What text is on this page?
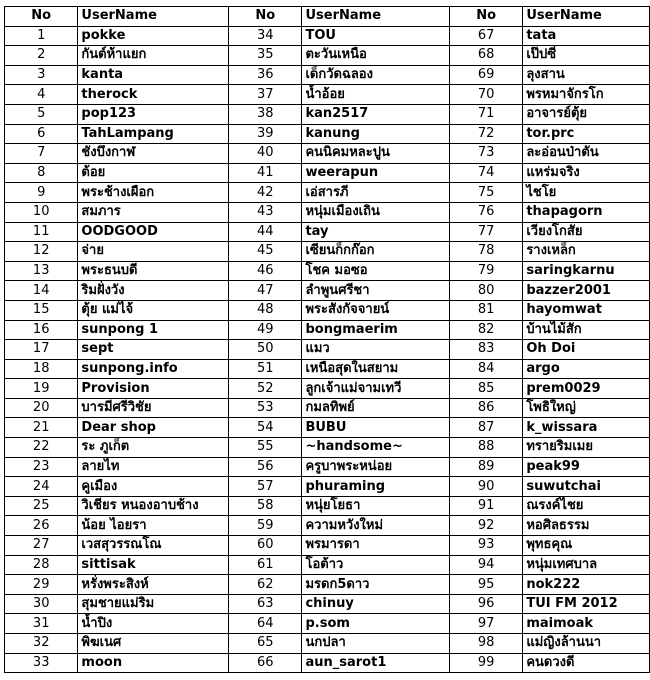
No	UserName	No	UserName	No	UserName
1	pokke	34	TOU	67	tata
2	กันต์ห้าแยก	35	ตะวันเหนือ	68	เป๊ปซี่
3	kanta	36	เด็กวัดฉลอง	69	ลุงสาน
4	therock	37	น้ำอ้อย	70	พรหมาจักรโก
5	pop123	38	kan2517	71	อาจารย์ตุ้ย
6	TahLampang	39	kanung	72	tor.prc
7	ชังบึงกาฬ	40	คนนิคมหละปูน	73	ละอ่อนป่าตัน
8	ต้อย	41	weerapun	74	แหร่มจริง
9	พระช้างเผือก	42	เอ่สารภี	75	ไชโย
10	สมภาร	43	หนุ่มเมืองเถิน	76	thapagorn
11	OODGOOD	44	tay	77	เวียงโกสัย
12	จ่าย	45	เซียนก็กก๊อก	78	รางเหล็ก
13	พระธนบดี	46	โชค มอซอ	79	saringkarnu
14	ริมฝั่งวัง	47	ลำพูนศรีชา	80	bazzer2001
15	ตุ้ย แม่ไจ้	48	พระสังกัจจายน์	81	hayomwat
16	sunpong 1	49	bongmaerim	82	บ้านไม้สัก
17	sept	50	แมว	83	Oh Doi
18	sunpong.info	51	เหนือสุดในสยาม	84	argo
19	Provision	52	ลูกเจ้าแม่จามเทวี	85	prem0029
20	บารมีศรีวิชัย	53	กมลทิพย์	86	โพธิใหญ่
21	Dear shop	54	BUBU	87	k_wissara
22	ระ ภูเก็ต	55	~handsome~	88	ทรายริมเมย
23	ลายไท	56	ครูบาพระหน่อย	89	peak99
24	คูเมือง	57	phuraming	90	suwutchai
25	วิเชียร หนองอาบช้าง	58	หนุ่ยโยธา	91	ณรงค์ไชย
26	น้อย ไอยรา	59	ความหวังใหม่	92	หอศิลธรรม
27	เวสสุวรรณโณ	60	พรมารดา	93	พุทธคุณ
28	sittisak	61	โอต้าว	94	หนุ่มเทศบาล
29	หรั่งพระสิงห์	62	มรดก5ดาว	95	nok222
30	สุมชายแม่ริม	63	chinuy	96	TUI FM 2012
31	น้ำปิง	64	p.som	97	maimoak
32	พิฆเนศ	65	นกปลา	98	แม่ญิงล้านนา
33	moon	66	aun_sarot1	99	คนดวงดี
